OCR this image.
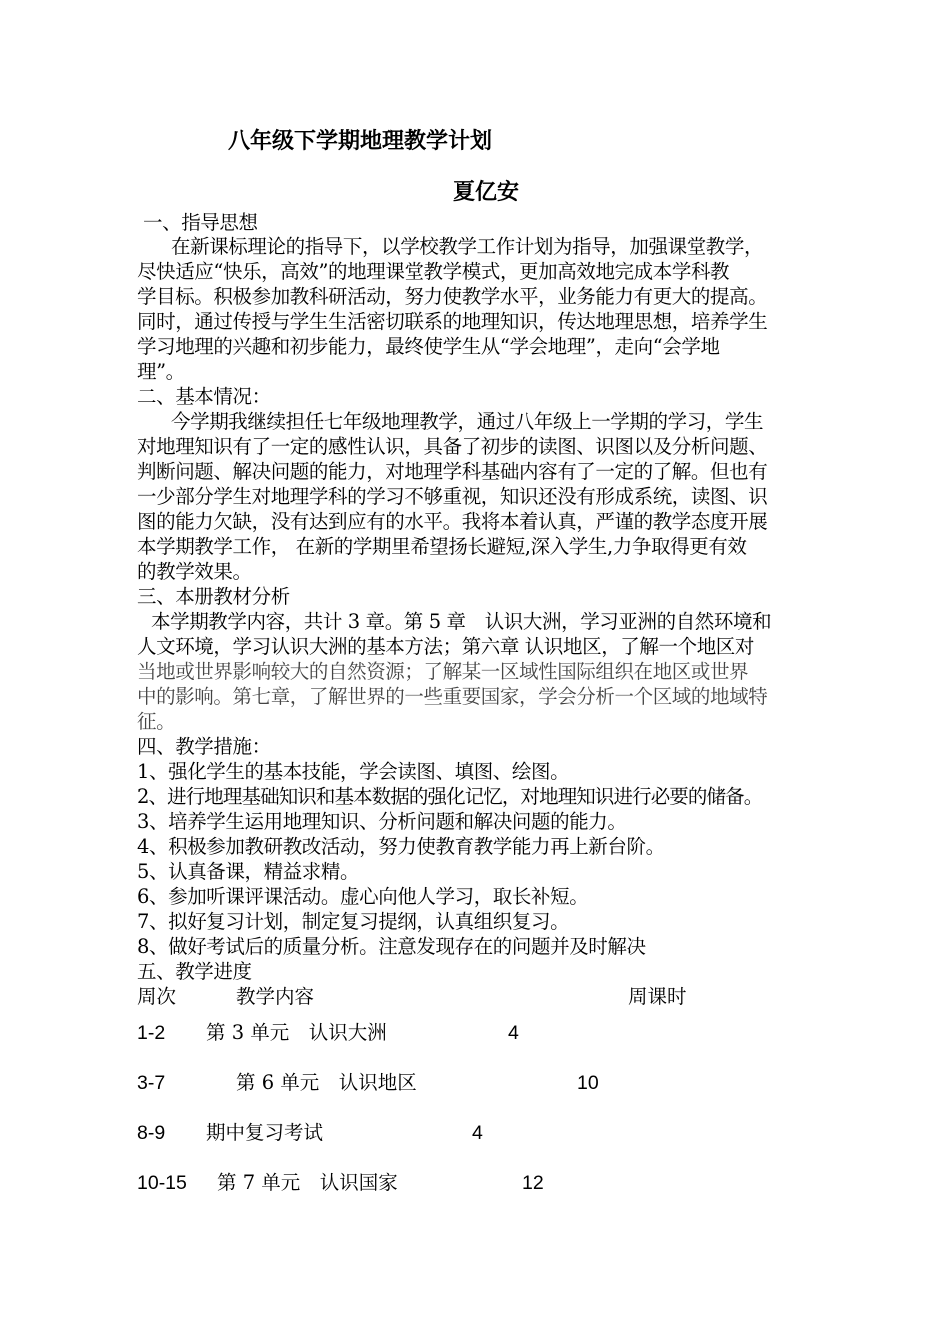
八年级下学期地理教学计划
夏亿安
一、指导思想
在新课标理论的指导下，以学校教学工作计划为指导，加强课堂教学，
尽快适应“快乐，高效”的地理课堂教学模式，更加高效地完成本学科教
学目标。积极参加教科研活动，努力使教学水平，业务能力有更大的提高。
同时，通过传授与学生生活密切联系的地理知识，传达地理思想，培养学生
学习地理的兴趣和初步能力，最终使学生从“学会地理”，走向“会学地
理”。
二、基本情况：
今学期我继续担任七年级地理教学，通过八年级上一学期的学习，学生
对地理知识有了一定的感性认识，具备了初步的读图、识图以及分析问题、
判断问题、解决问题的能力，对地理学科基础内容有了一定的了解。但也有
一少部分学生对地理学科的学习不够重视，知识还没有形成系统，读图、识
图的能力欠缺，没有达到应有的水平。我将本着认真，严谨的教学态度开展
本学期教学工作， 在新的学期里希望扬长避短,深入学生,力争取得更有效
的教学效果。
三、本册教材分析
本学期教学内容，共计 3 章。第 5 章　认识大洲，学习亚洲的自然环境和
人文环境，学习认识大洲的基本方法；第六章 认识地区，了解一个地区对
当地或世界影响较大的自然资源；了解某一区域性国际组织在地区或世界
中的影响。第七章，了解世界的一些重要国家，学会分析一个区域的地域特
征。
四、教学措施：
1、强化学生的基本技能，学会读图、填图、绘图。
2、进行地理基础知识和基本数据的强化记忆，对地理知识进行必要的储备。
3、培养学生运用地理知识、分析问题和解决问题的能力。
4、积极参加教研教改活动，努力使教育教学能力再上新台阶。
5、认真备课，精益求精。
6、参加听课评课活动。虚心向他人学习，取长补短。
7、拟好复习计划，制定复习提纲，认真组织复习。
8、做好考试后的质量分析。注意发现存在的问题并及时解决
五、教学进度
周次	教学内容	周课时
1-2 第 3 单元　认识大洲	4
3-7	第 6 单元　认识地区	10
8-9 期中复习考试	4
10-15 第 7 单元　认识国家	12
